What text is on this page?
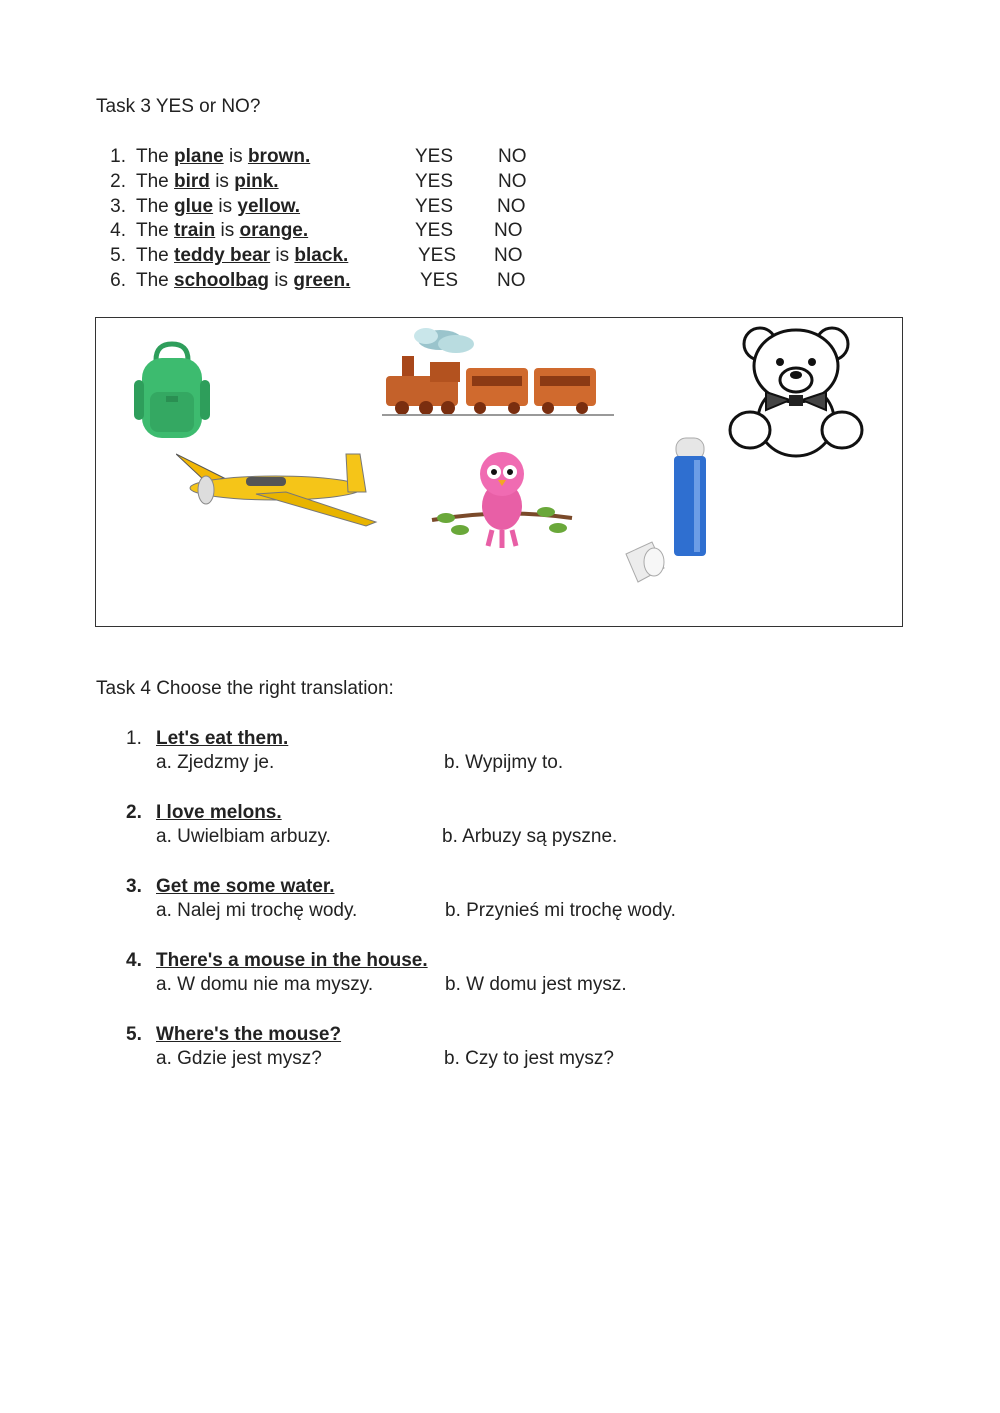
Task 3 YES or NO?
1. The plane is brown.	YES NO
2. The bird is pink.	YES NO
3. The glue is yellow.	YES NO
4. The train is orange.	YES NO
5. The teddy bear is black.	YES NO
6. The schoolbag is green.	YES NO
Task 4 Choose the right translation:
1. Let's eat them.
a. Zjedzmy je.	b. Wypijmy to.
2. I love melons.
a. Uwielbiam arbuzy.	b. Arbuzy są pyszne.
3. Get me some water.
a. Nalej mi trochę wody.	b. Przynieś mi trochę wody.
4. There's a mouse in the house.
a. W domu nie ma myszy.	b. W domu jest mysz.
5. Where's the mouse?
a. Gdzie jest mysz?	b. Czy to jest mysz?
